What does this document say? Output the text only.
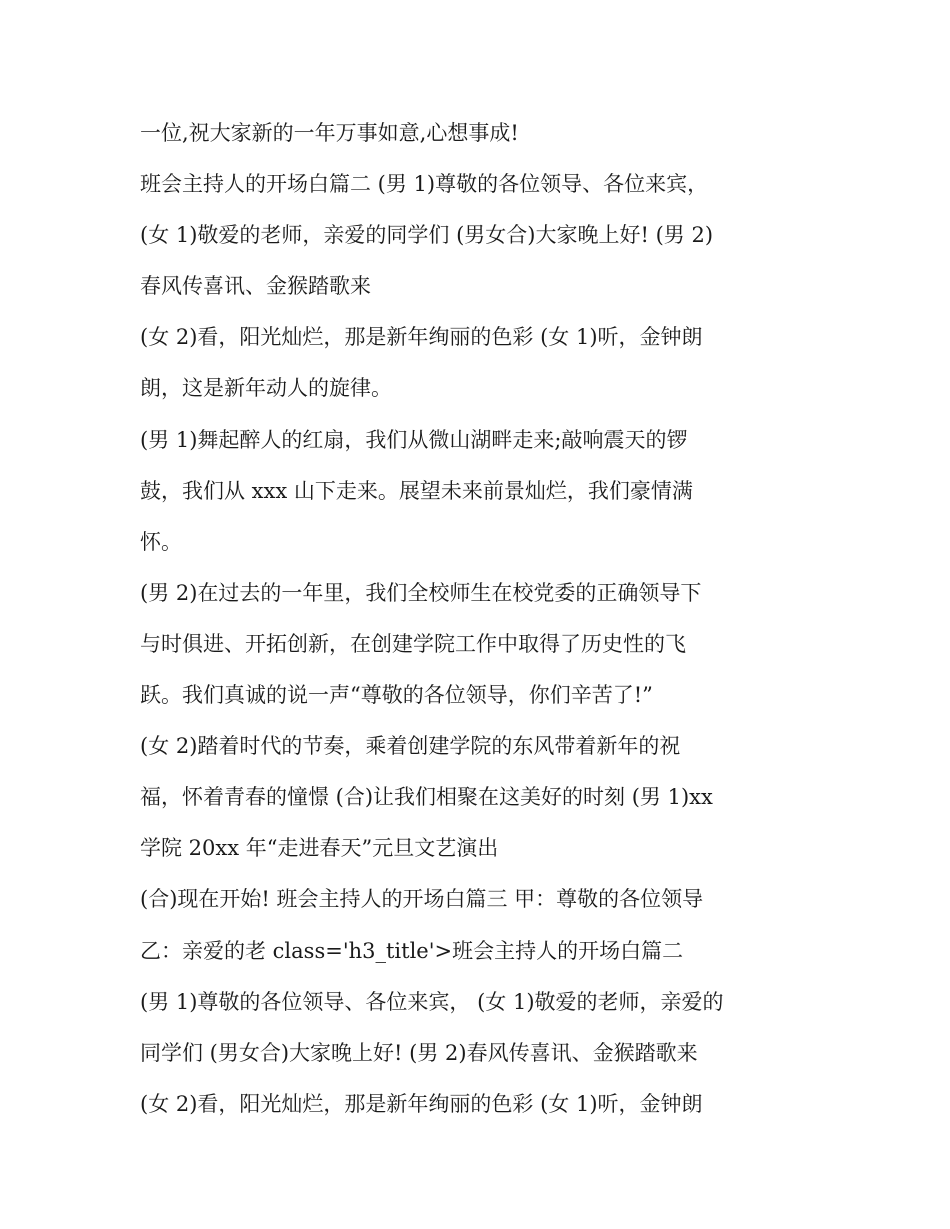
一位,祝大家新的一年万事如意,心想事成!
班会主持人的开场白篇二 (男 1)尊敬的各位领导、各位来宾，
(女 1)敬爱的老师，亲爱的同学们 (男女合)大家晚上好! (男 2)
春风传喜讯、金猴踏歌来
(女 2)看，阳光灿烂，那是新年绚丽的色彩 (女 1)听，金钟朗
朗，这是新年动人的旋律。
(男 1)舞起醉人的红扇，我们从微山湖畔走来;敲响震天的锣
鼓，我们从 xxx 山下走来。展望未来前景灿烂，我们豪情满
怀。
(男 2)在过去的一年里，我们全校师生在校党委的正确领导下
与时俱进、开拓创新，在创建学院工作中取得了历史性的飞
跃。我们真诚的说一声“尊敬的各位领导，你们辛苦了!”
(女 2)踏着时代的节奏，乘着创建学院的东风带着新年的祝
福，怀着青春的憧憬 (合)让我们相聚在这美好的时刻 (男 1)xx
学院 20xx 年“走进春天”元旦文艺演出
(合)现在开始! 班会主持人的开场白篇三 甲：尊敬的各位领导
乙：亲爱的老 class='h3_title'>班会主持人的开场白篇二
(男 1)尊敬的各位领导、各位来宾， (女 1)敬爱的老师，亲爱的
同学们 (男女合)大家晚上好! (男 2)春风传喜讯、金猴踏歌来
(女 2)看，阳光灿烂，那是新年绚丽的色彩 (女 1)听，金钟朗
